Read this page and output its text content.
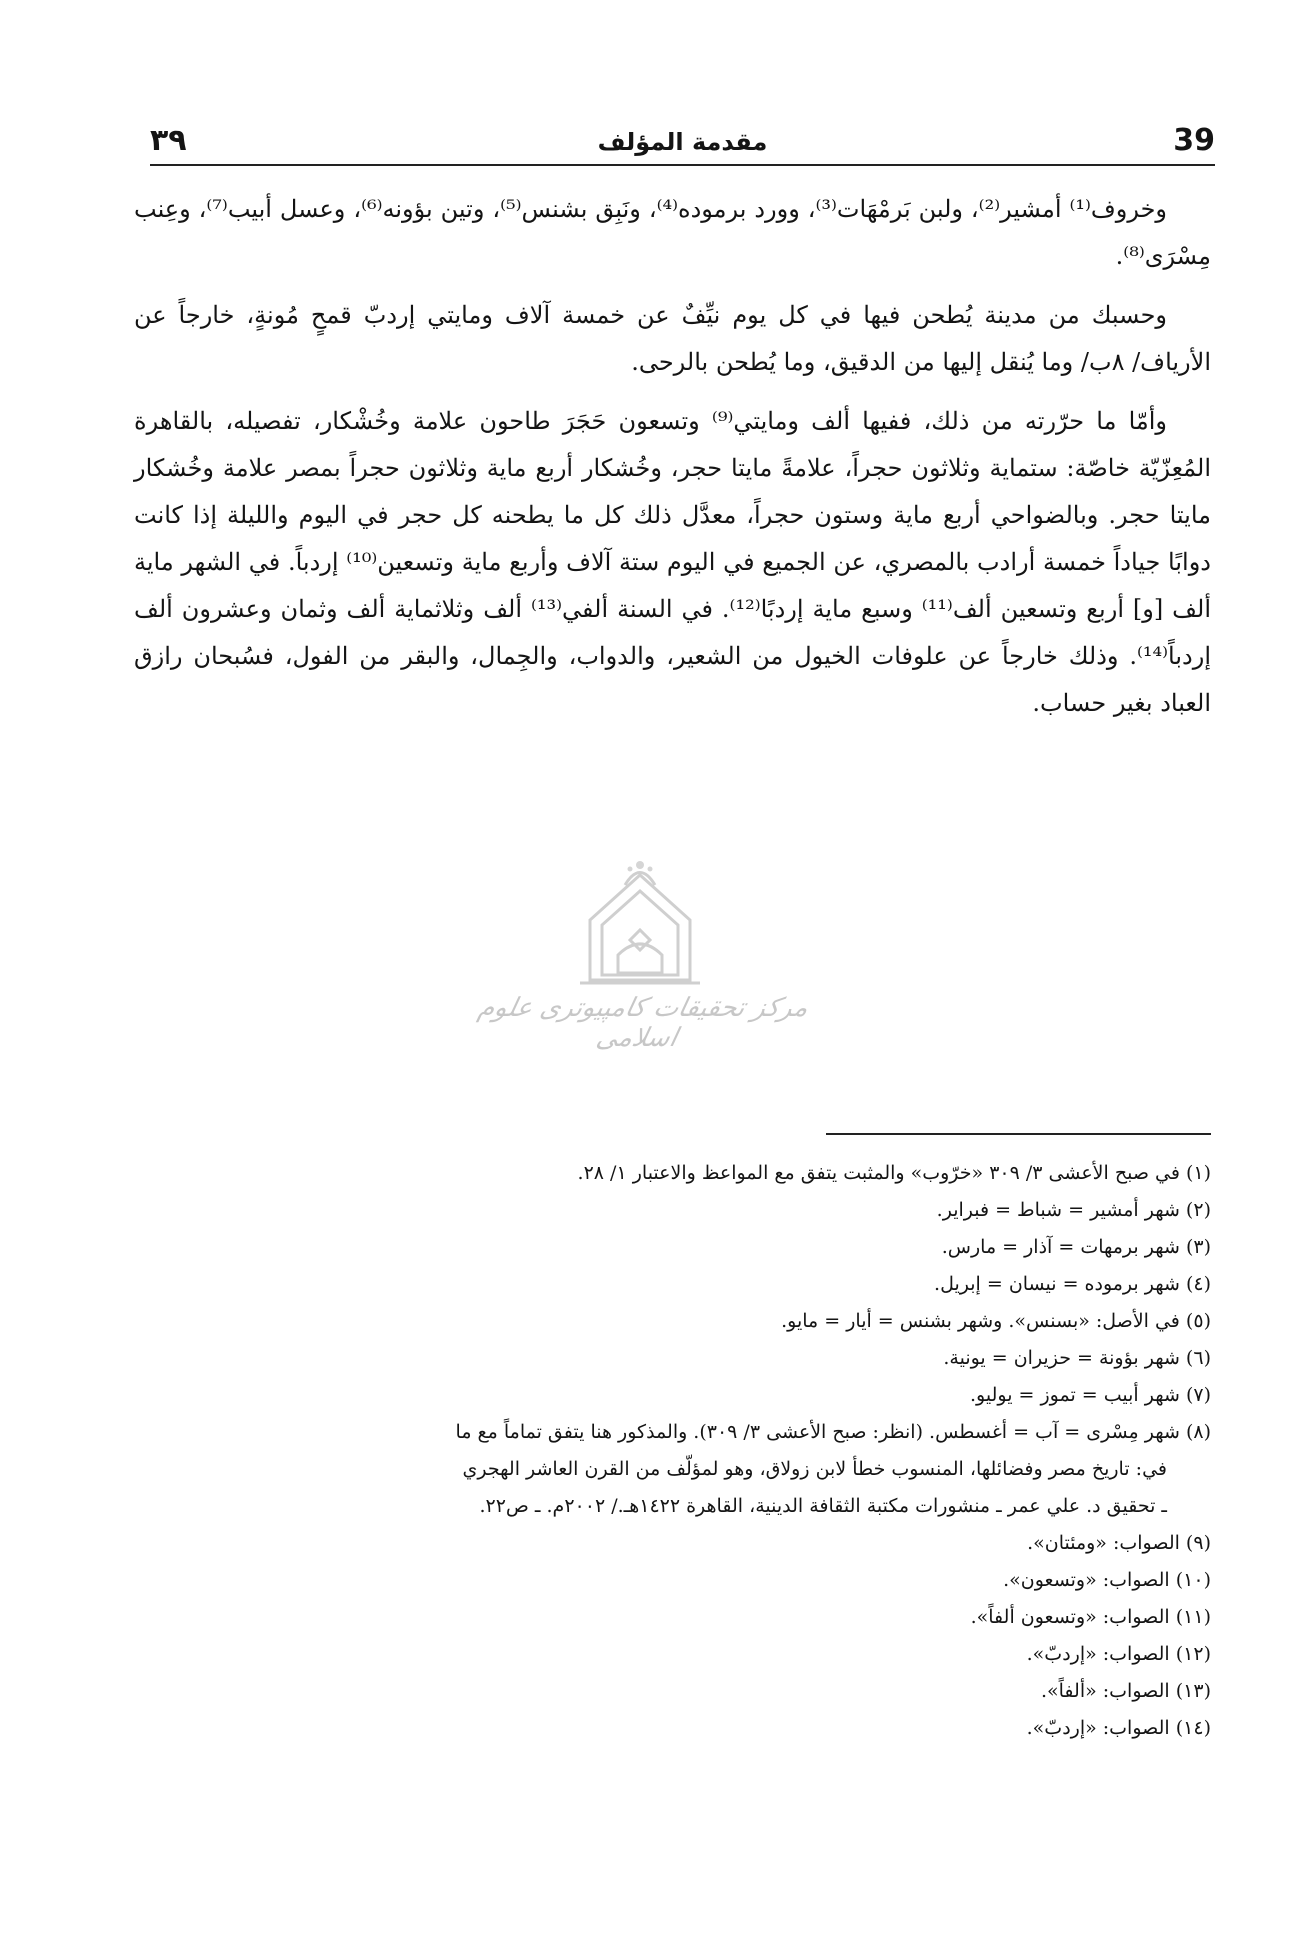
39
مقدمة المؤلف
٣٩

وخروف⁽¹⁾ أمشير⁽²⁾، ولبن بَرمْهَات⁽³⁾، وورد برموده⁽⁴⁾، ونَبِق بشنس⁽⁵⁾، وتين بؤونه⁽⁶⁾، وعسل أبيب⁽⁷⁾، وعِنب مِسْرَى⁽⁸⁾.

وحسبك من مدينة يُطحن فيها في كل يوم نيِّفٌ عن خمسة آلاف ومايتي إردبّ قمحٍ مُونةٍ، خارجاً عن الأرياف/ ٨ب/ وما يُنقل إليها من الدقيق، وما يُطحن بالرحى.

وأمّا ما حرّرته من ذلك، ففيها ألف ومايتي⁽⁹⁾ وتسعون حَجَرَ طاحون علامة وخُشْكار، تفصيله، بالقاهرة المُعِزّيّة خاصّة: ستماية وثلاثون حجراً، علامةً مايتا حجر، وخُشكار أربع ماية وثلاثون حجراً بمصر علامة وخُشكار مايتا حجر. وبالضواحي أربع ماية وستون حجراً، معدَّل ذلك كل ما يطحنه كل حجر في اليوم والليلة إذا كانت دوابًا جياداً خمسة أرادب بالمصري، عن الجميع في اليوم ستة آلاف وأربع ماية وتسعين⁽¹⁰⁾ إردباً. في الشهر ماية ألف [و] أربع وتسعين ألف⁽¹¹⁾ وسبع ماية إردبًا⁽¹²⁾. في السنة ألفي⁽¹³⁾ ألف وثلاثماية ألف وثمان وعشرون ألف إردباً⁽¹⁴⁾. وذلك خارجاً عن علوفات الخيول من الشعير، والدواب، والجِمال، والبقر من الفول، فسُبحان رازق العباد بغير حساب.

مرکز تحقیقات کامپیوتری علوم اسلامی

(١) في صبح الأعشى ٣/ ٣٠٩ «خرّوب» والمثبت يتفق مع المواعظ والاعتبار ١/ ٢٨.

(٢) شهر أمشير = شباط = فبراير.

(٣) شهر برمهات = آذار = مارس.

(٤) شهر برموده = نيسان = إبريل.

(٥) في الأصل: «بسنس». وشهر بشنس = أيار = مايو.

(٦) شهر بؤونة = حزيران = يونية.

(٧) شهر أبيب = تموز = يوليو.

(٨) شهر مِسْرى = آب = أغسطس. (انظر: صبح الأعشى ٣/ ٣٠٩). والمذكور هنا يتفق تماماً مع ما
في: تاريخ مصر وفضائلها، المنسوب خطأ لابن زولاق، وهو لمؤلّف من القرن العاشر الهجري
ـ تحقيق د. علي عمر ـ منشورات مكتبة الثقافة الدينية، القاهرة ١٤٢٢هـ./ ٢٠٠٢م. ـ ص٢٢.

(٩) الصواب: «ومئتان».

(١٠) الصواب: «وتسعون».

(١١) الصواب: «وتسعون ألفاً».

(١٢) الصواب: «إردبّ».

(١٣) الصواب: «ألفاً».

(١٤) الصواب: «إردبّ».
